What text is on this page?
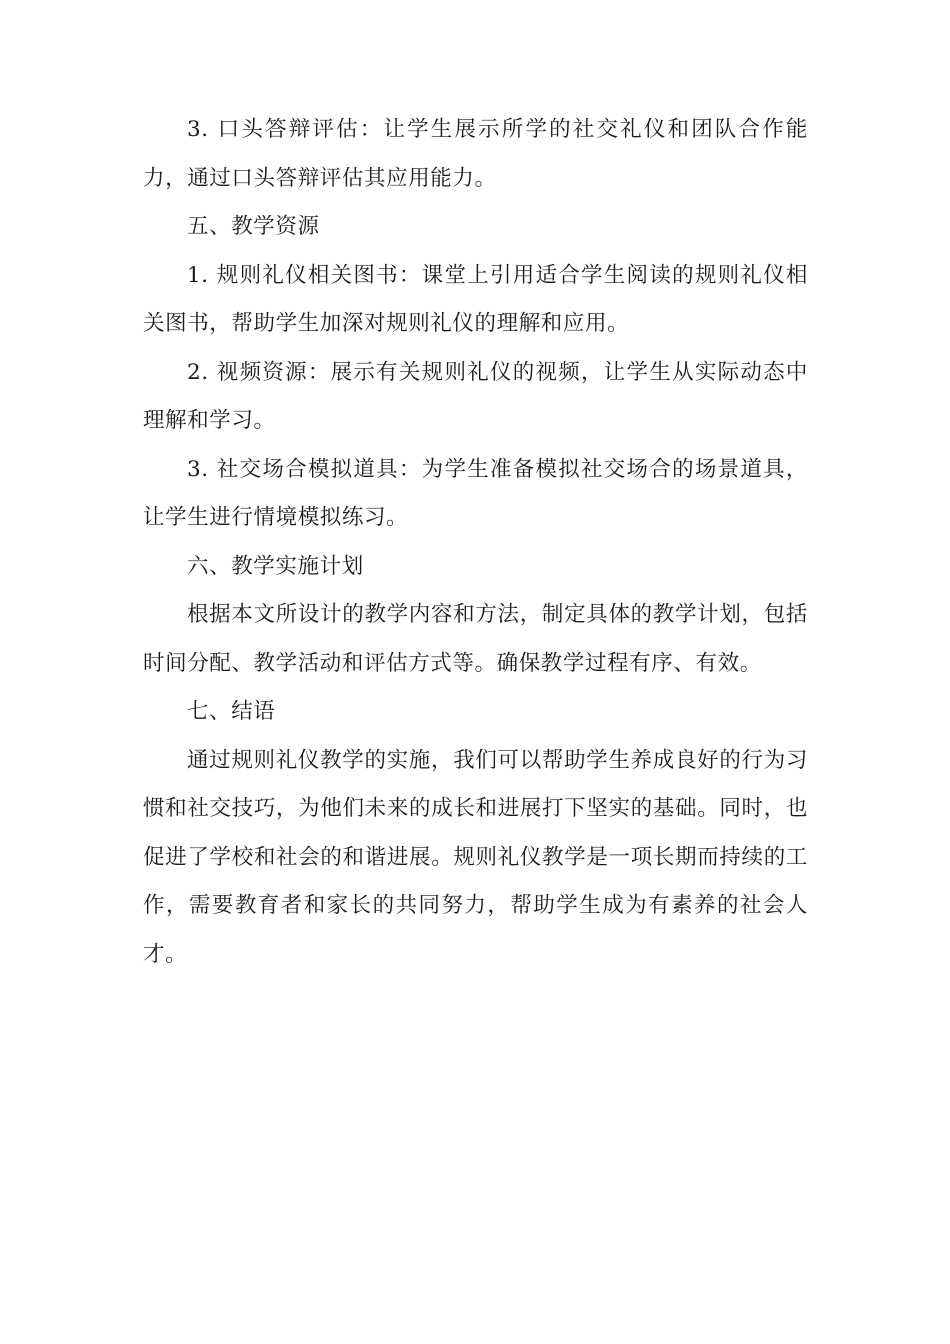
3. 口头答辩评估：让学生展示所学的社交礼仪和团队合作能力，通过口头答辩评估其应用能力。

五、教学资源

1. 规则礼仪相关图书：课堂上引用适合学生阅读的规则礼仪相关图书，帮助学生加深对规则礼仪的理解和应用。

2. 视频资源：展示有关规则礼仪的视频，让学生从实际动态中理解和学习。

3. 社交场合模拟道具：为学生准备模拟社交场合的场景道具，让学生进行情境模拟练习。

六、教学实施计划

根据本文所设计的教学内容和方法，制定具体的教学计划，包括时间分配、教学活动和评估方式等。确保教学过程有序、有效。

七、结语

通过规则礼仪教学的实施，我们可以帮助学生养成良好的行为习惯和社交技巧，为他们未来的成长和进展打下坚实的基础。同时，也促进了学校和社会的和谐进展。规则礼仪教学是一项长期而持续的工作，需要教育者和家长的共同努力，帮助学生成为有素养的社会人才。
